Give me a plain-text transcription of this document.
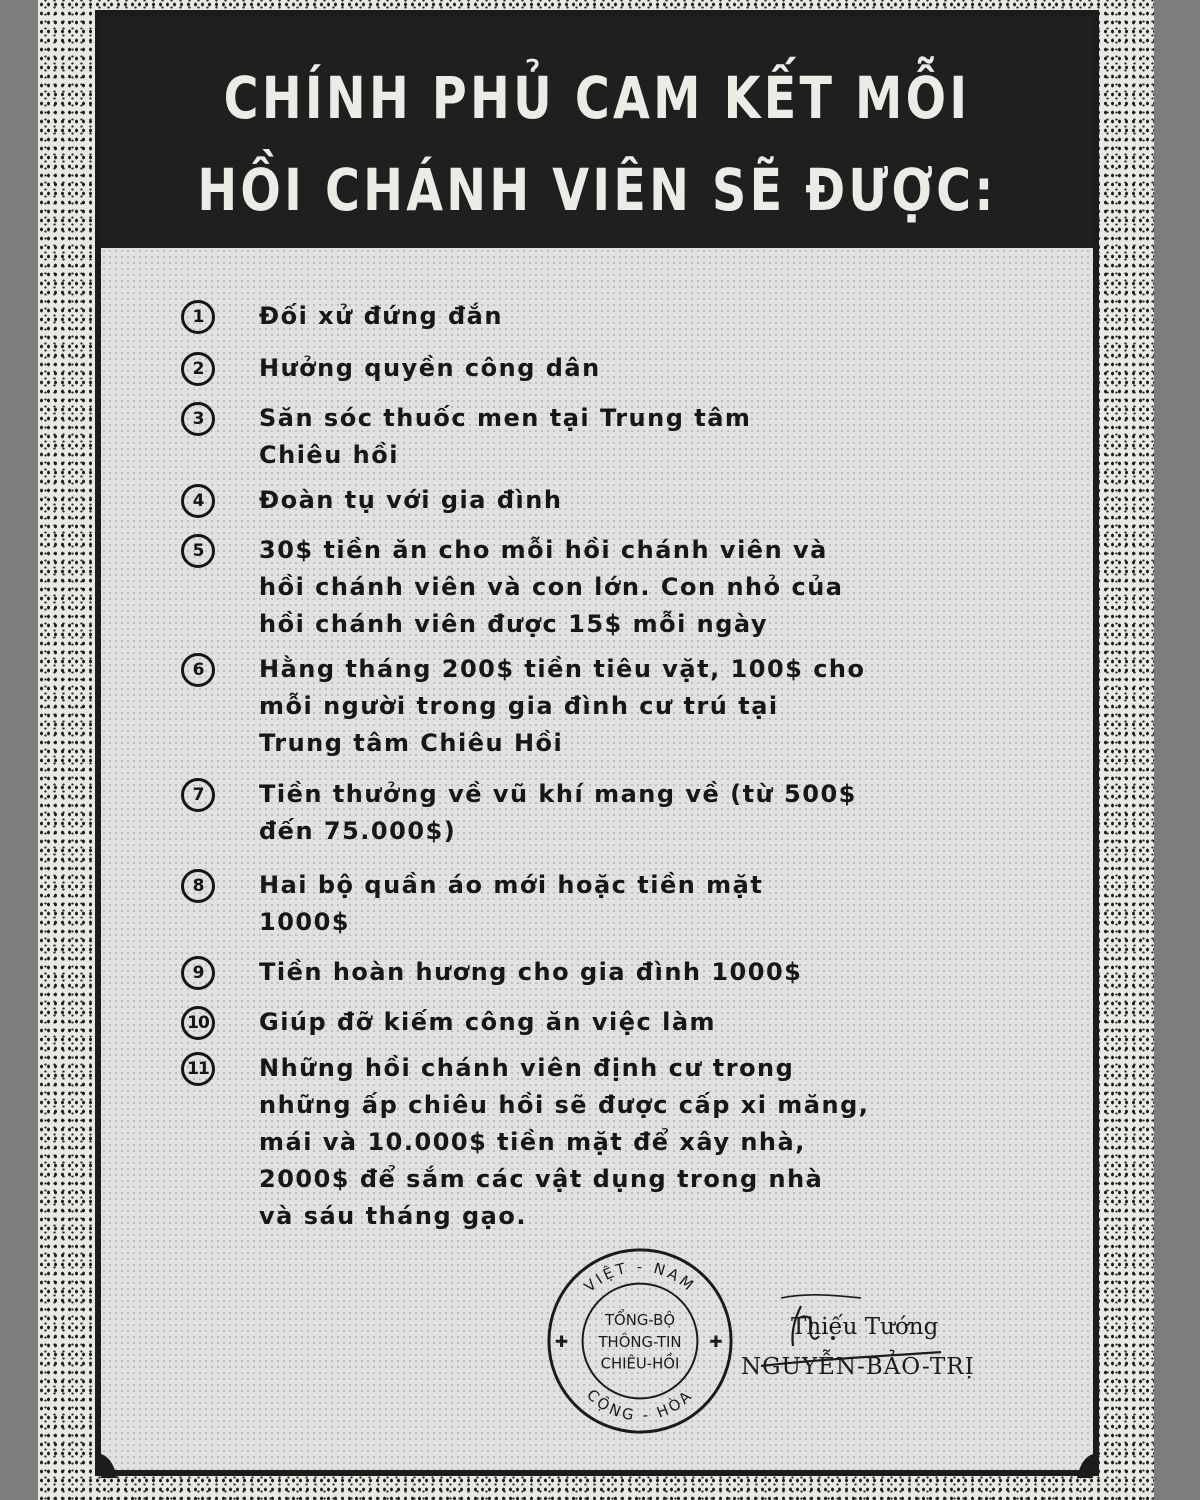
CHÍNH PHỦ CAM KẾT MỖI
HỒI CHÁNH VIÊN SẼ ĐƯỢC:
1	Đối xử đứng đắn
2	Hưởng quyền công dân
3	Săn sóc thuốc men tại Trung tâm
Chiêu hồi
4	Đoàn tụ với gia đình
5	30$ tiền ăn cho mỗi hồi chánh viên và
hồi chánh viên và con lớn. Con nhỏ của
hồi chánh viên được 15$ mỗi ngày
6	Hằng tháng 200$ tiền tiêu vặt, 100$ cho
mỗi người trong gia đình cư trú tại
Trung tâm Chiêu Hồi
7	Tiền thưởng về vũ khí mang về (từ 500$
đến 75.000$)
8	Hai bộ quần áo mới hoặc tiền mặt
1000$
9	Tiền hoàn hương cho gia đình 1000$
10 Giúp đỡ kiếm công ăn việc làm
11 Những hồi chánh viên định cư trong
những ấp chiêu hồi sẽ được cấp xi măng,
mái và 10.000$ tiền mặt để xây nhà,
2000$ để sắm các vật dụng trong nhà
và sáu tháng gạo.
VIỆT - NAM
CỘNG - HÒA
TỔNG-BỘ
THÔNG-TIN
CHIÊU-HỒI
✚	✚
Thiếu Tướng
NGUYỄN-BẢO-TRỊ
